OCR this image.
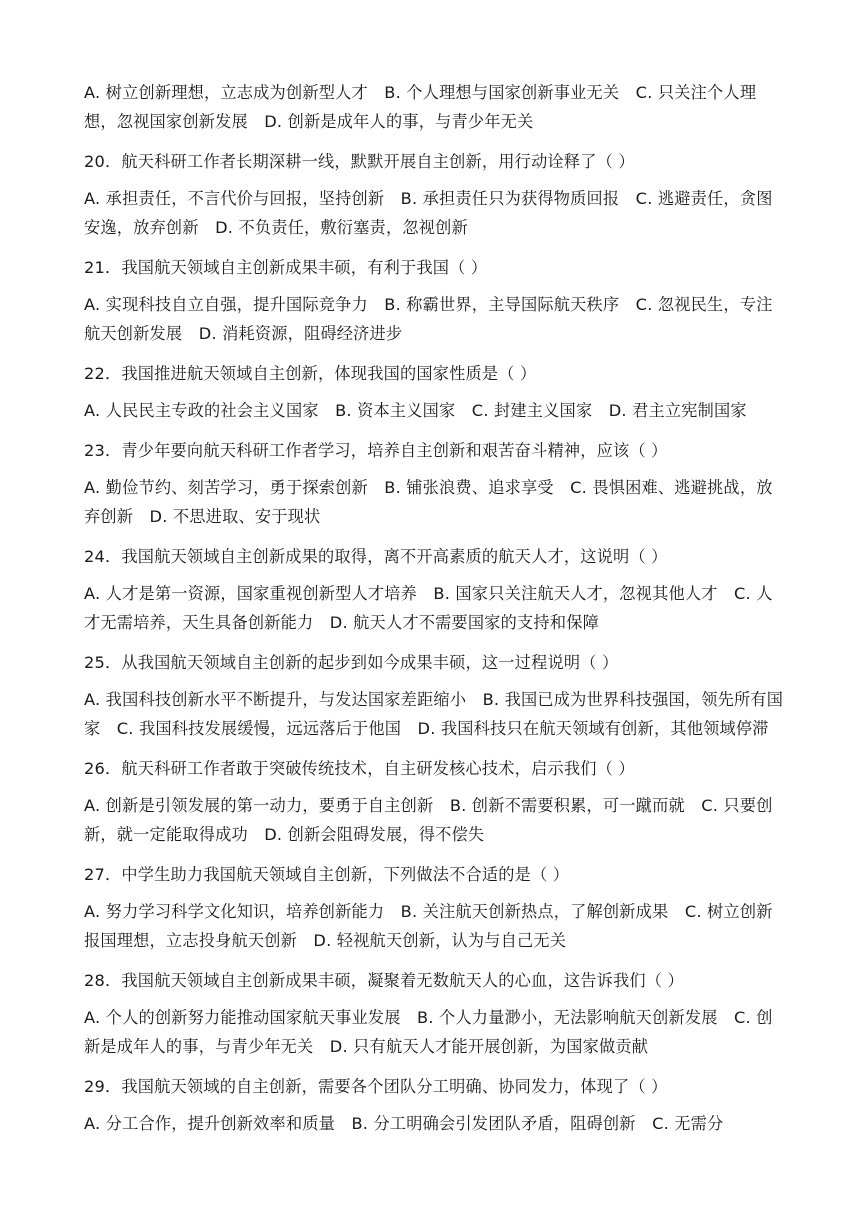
A. 树立创新理想，立志成为创新型人才　B. 个人理想与国家创新事业无关　C. 只关注个人理想，忽视国家创新发展　D. 创新是成年人的事，与青少年无关

20．航天科研工作者长期深耕一线，默默开展自主创新，用行动诠释了（ ）

A. 承担责任，不言代价与回报，坚持创新　B. 承担责任只为获得物质回报　C. 逃避责任，贪图安逸，放弃创新　D. 不负责任，敷衍塞责，忽视创新

21．我国航天领域自主创新成果丰硕，有利于我国（ ）

A. 实现科技自立自强，提升国际竞争力　B. 称霸世界，主导国际航天秩序　C. 忽视民生，专注航天创新发展　D. 消耗资源，阻碍经济进步

22．我国推进航天领域自主创新，体现我国的国家性质是（ ）

A. 人民民主专政的社会主义国家　B. 资本主义国家　C. 封建主义国家　D. 君主立宪制国家

23．青少年要向航天科研工作者学习，培养自主创新和艰苦奋斗精神，应该（ ）

A. 勤俭节约、刻苦学习，勇于探索创新　B. 铺张浪费、追求享受　C. 畏惧困难、逃避挑战，放弃创新　D. 不思进取、安于现状

24．我国航天领域自主创新成果的取得，离不开高素质的航天人才，这说明（ ）

A. 人才是第一资源，国家重视创新型人才培养　B. 国家只关注航天人才，忽视其他人才　C. 人才无需培养，天生具备创新能力　D. 航天人才不需要国家的支持和保障

25．从我国航天领域自主创新的起步到如今成果丰硕，这一过程说明（ ）

A. 我国科技创新水平不断提升，与发达国家差距缩小　B. 我国已成为世界科技强国，领先所有国家　C. 我国科技发展缓慢，远远落后于他国　D. 我国科技只在航天领域有创新，其他领域停滞

26．航天科研工作者敢于突破传统技术，自主研发核心技术，启示我们（ ）

A. 创新是引领发展的第一动力，要勇于自主创新　B. 创新不需要积累，可一蹴而就　C. 只要创新，就一定能取得成功　D. 创新会阻碍发展，得不偿失

27．中学生助力我国航天领域自主创新，下列做法不合适的是（ ）

A. 努力学习科学文化知识，培养创新能力　B. 关注航天创新热点，了解创新成果　C. 树立创新报国理想，立志投身航天创新　D. 轻视航天创新，认为与自己无关

28．我国航天领域自主创新成果丰硕，凝聚着无数航天人的心血，这告诉我们（ ）

A. 个人的创新努力能推动国家航天事业发展　B. 个人力量渺小，无法影响航天创新发展　C. 创新是成年人的事，与青少年无关　D. 只有航天人才能开展创新，为国家做贡献

29．我国航天领域的自主创新，需要各个团队分工明确、协同发力，体现了（ ）

A. 分工合作，提升创新效率和质量　B. 分工明确会引发团队矛盾，阻碍创新　C. 无需分
